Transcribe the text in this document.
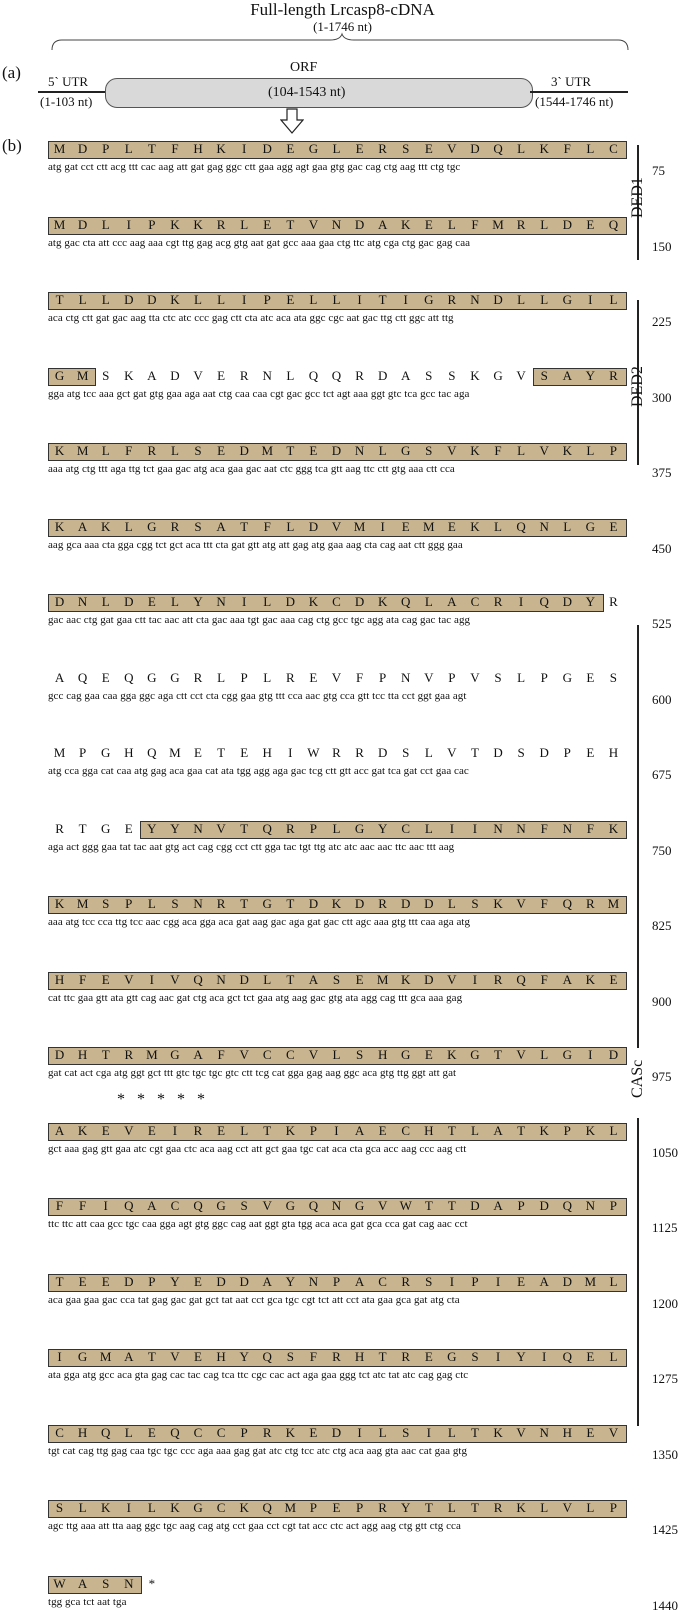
Full-length Lrcasp8-cDNA
(1-1746 nt)
(a) 5` UTR
(1-103 nt)
ORF
(104-1543 nt)
3` UTR
(1544-1746 nt)
(b)	M D	P	L	T	F	H	K	I	D	E	G	L	E	R	S	E	V	D	Q	L	K	F	L	C
atg gat cct ctt acg ttt cac aag att gat gag ggc ctt gaa agg agt gaa gtg gac cag ctg aag ttt ctg tgc	75
M D	L	I	P	K	K	R	L	E	T	V	N	D	A	K	E	L	F	M R	L	D	E	Q
atg gac cta att ccc aag aaa cgt ttg gag acg gtg aat gat gcc aaa gaa ctg ttc atg cga ctg gac gag caa	150
T	L	L	D	D	K	L	L	I	P	E	L	L	I	T	I	G	R	N	D	L	L	G	I	L
aca ctg ctt gat gac aag tta ctc atc ccc gag ctt cta atc aca ata ggc cgc aat gac ttg ctt ggc att ttg	225
G M	S	K	A	D	V	E	R	N	L	Q	Q	R	D	A	S	S	K	G	V	S	A	Y	R
gga atg tcc aaa gct gat gtg gaa aga aat ctg caa caa cgt gac gcc tct agt aaa ggt gtc tca gcc tac aga	300
K M	L	F	R	L	S	E	D M	T	E	D	N	L	G	S	V	K	F	L	V	K	L	P
aaa atg ctg ttt aga ttg tct gaa gac atg aca gaa gac aat ctc ggg tca gtt aag ttc ctt gtg aaa ctt cca	375
K	A	K	L	G	R	S	A	T	F	L	D	V M	I	E	M	E	K	L	Q	N	L	G	E
aag gca aaa cta gga cgg tct gct aca ttt cta gat gtt atg att gag atg gaa aag cta cag aat ctt ggg gaa	450
D	N	L	D	E	L	Y	N	I	L	D	K	C	D	K	Q	L	A	C	R	I	Q	D	Y	R
gac aac ctg gat gaa ctt tac aac att cta gac aaa tgt gac aaa cag ctg gcc tgc agg ata cag gac tac agg	525
A	Q	E	Q	G	G	R	L	P	L	R	E	V	F	P	N	V	P	V	S	L	P	G	E	S
gcc cag gaa caa gga ggc aga ctt cct cta cgg gaa gtg ttt cca aac gtg cca gtt tcc tta cct ggt gaa agt	600
M	P	G	H	Q M	E	T	E	H	I	W R	R	D	S	L	V	T	D	S	D	P	E	H
atg cca gga cat caa atg gag aca gaa cat ata tgg agg aga gac tcg ctt gtt acc gat tca gat cct gaa cac	675
R	T	G	E	Y	Y	N	V	T	Q	R	P	L	G	Y	C	L	I	I	N	N	F	N	F	K
aga act ggg gaa tat tac aat gtg act cag cgg cct ctt gga tac tgt ttg atc atc aac aac ttc aac ttt aag	750
K M	S	P	L	S	N	R	T	G	T	D	K	D	R	D	D	L	S	K	V	F	Q	R M
aaa atg tcc cca ttg tcc aac cgg aca gga aca gat aag gac aga gat gac ctt agc aaa gtg ttt caa aga atg	825
H	F	E	V	I	V	Q	N	D	L	T	A	S	E	M K	D	V	I	R	Q	F	A	K	E
cat ttc gaa gtt ata gtt cag aac gat ctg aca gct tct gaa atg aag gac gtg ata agg cag ttt gca aaa gag	900
D	H	T	R M G	A	F	V	C	C	V	L	S	H	G	E	K	G	T	V	L	G	I	D
gat cat act cga atg ggt gct ttt gtc tgc tgc gtc ctt tcg cat gga gag aag ggc aca gtg ttg ggt att gat	975
A	K	E	V	E	I	R	E	L	T	K	P	I	A	E	C	H	T	L	A	T	K	P	K	L
gct aaa gag gtt gaa atc cgt gaa ctc aca aag cct att gct gaa tgc cat aca cta gca acc aag ccc aag ctt	1050
F	F	I	Q	A	C	Q	G	S	V	G	Q	N	G	V W T	T	D	A	P	D	Q	N	P
ttc ttc att caa gcc tgc caa gga agt gtg ggc cag aat ggt gta tgg aca aca gat gca cca gat cag aac cct	1125
T	E	E	D	P	Y	E	D	D	A	Y	N	P	A	C	R	S	I	P	I	E	A	D M	L
aca gaa gaa gac cca tat gag gac gat gct tat aat cct gca tgc cgt tct att cct ata gaa gca gat atg cta	1200
I	G M A	T	V	E	H	Y	Q	S	F	R	H	T	R	E	G	S	I	Y	I	Q	E	L
ata gga atg gcc aca gta gag cac tac cag tca ttc cgc cac act aga gaa ggg tct atc tat atc cag gag ctc	1275
C	H	Q	L	E	Q	C	C	P	R	K	E	D	I	L	S	I	L	T	K	V	N	H	E	V
tgt cat cag ttg gag caa tgc tgc ccc aga aaa gag gat atc ctg tcc atc ctg aca aag gta aac cat gaa gtg	1350
S	L	K	I	L	K	G	C	K	Q M	P	E	P	R	Y	T	L	T	R	K	L	V	L	P
agc ttg aaa att tta aag ggc tgc aag cag atg cct gaa cct cgt tat acc ctc act agg aag ctg gtt ctg cca	1425
W A	S	N	*
tgg gca tct aat tga	1440
* * * * *
DED1
DED2
CASc
